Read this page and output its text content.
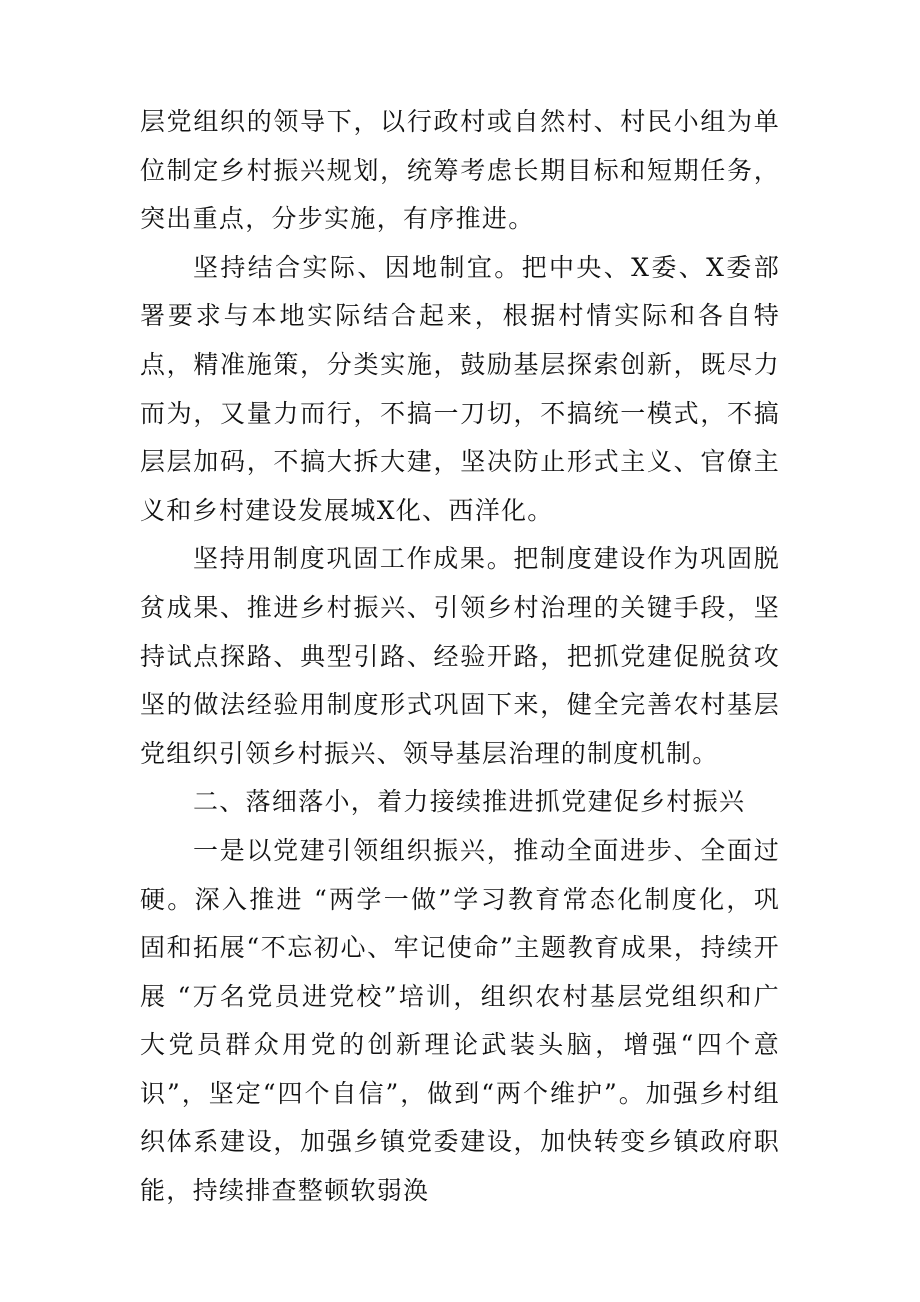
层党组织的领导下，以行政村或自然村、村民小组为单位制定乡村振兴规划，统筹考虑长期目标和短期任务，突出重点，分步实施，有序推进。

坚持结合实际、因地制宜。把中央、X委、X委部署要求与本地实际结合起来，根据村情实际和各自特点，精准施策，分类实施，鼓励基层探索创新，既尽力而为，又量力而行，不搞一刀切，不搞统一模式，不搞层层加码，不搞大拆大建，坚决防止形式主义、官僚主义和乡村建设发展城X化、西洋化。

坚持用制度巩固工作成果。把制度建设作为巩固脱贫成果、推进乡村振兴、引领乡村治理的关键手段，坚持试点探路、典型引路、经验开路，把抓党建促脱贫攻坚的做法经验用制度形式巩固下来，健全完善农村基层党组织引领乡村振兴、领导基层治理的制度机制。

二、落细落小，着力接续推进抓党建促乡村振兴

一是以党建引领组织振兴，推动全面进步、全面过硬。深入推进 “两学一做”学习教育常态化制度化，巩固和拓展“不忘初心、牢记使命”主题教育成果，持续开展 “万名党员进党校”培训，组织农村基层党组织和广大党员群众用党的创新理论武装头脑，增强“四个意识”，坚定“四个自信”，做到“两个维护”。加强乡村组织体系建设，加强乡镇党委建设，加快转变乡镇政府职能，持续排查整顿软弱涣
